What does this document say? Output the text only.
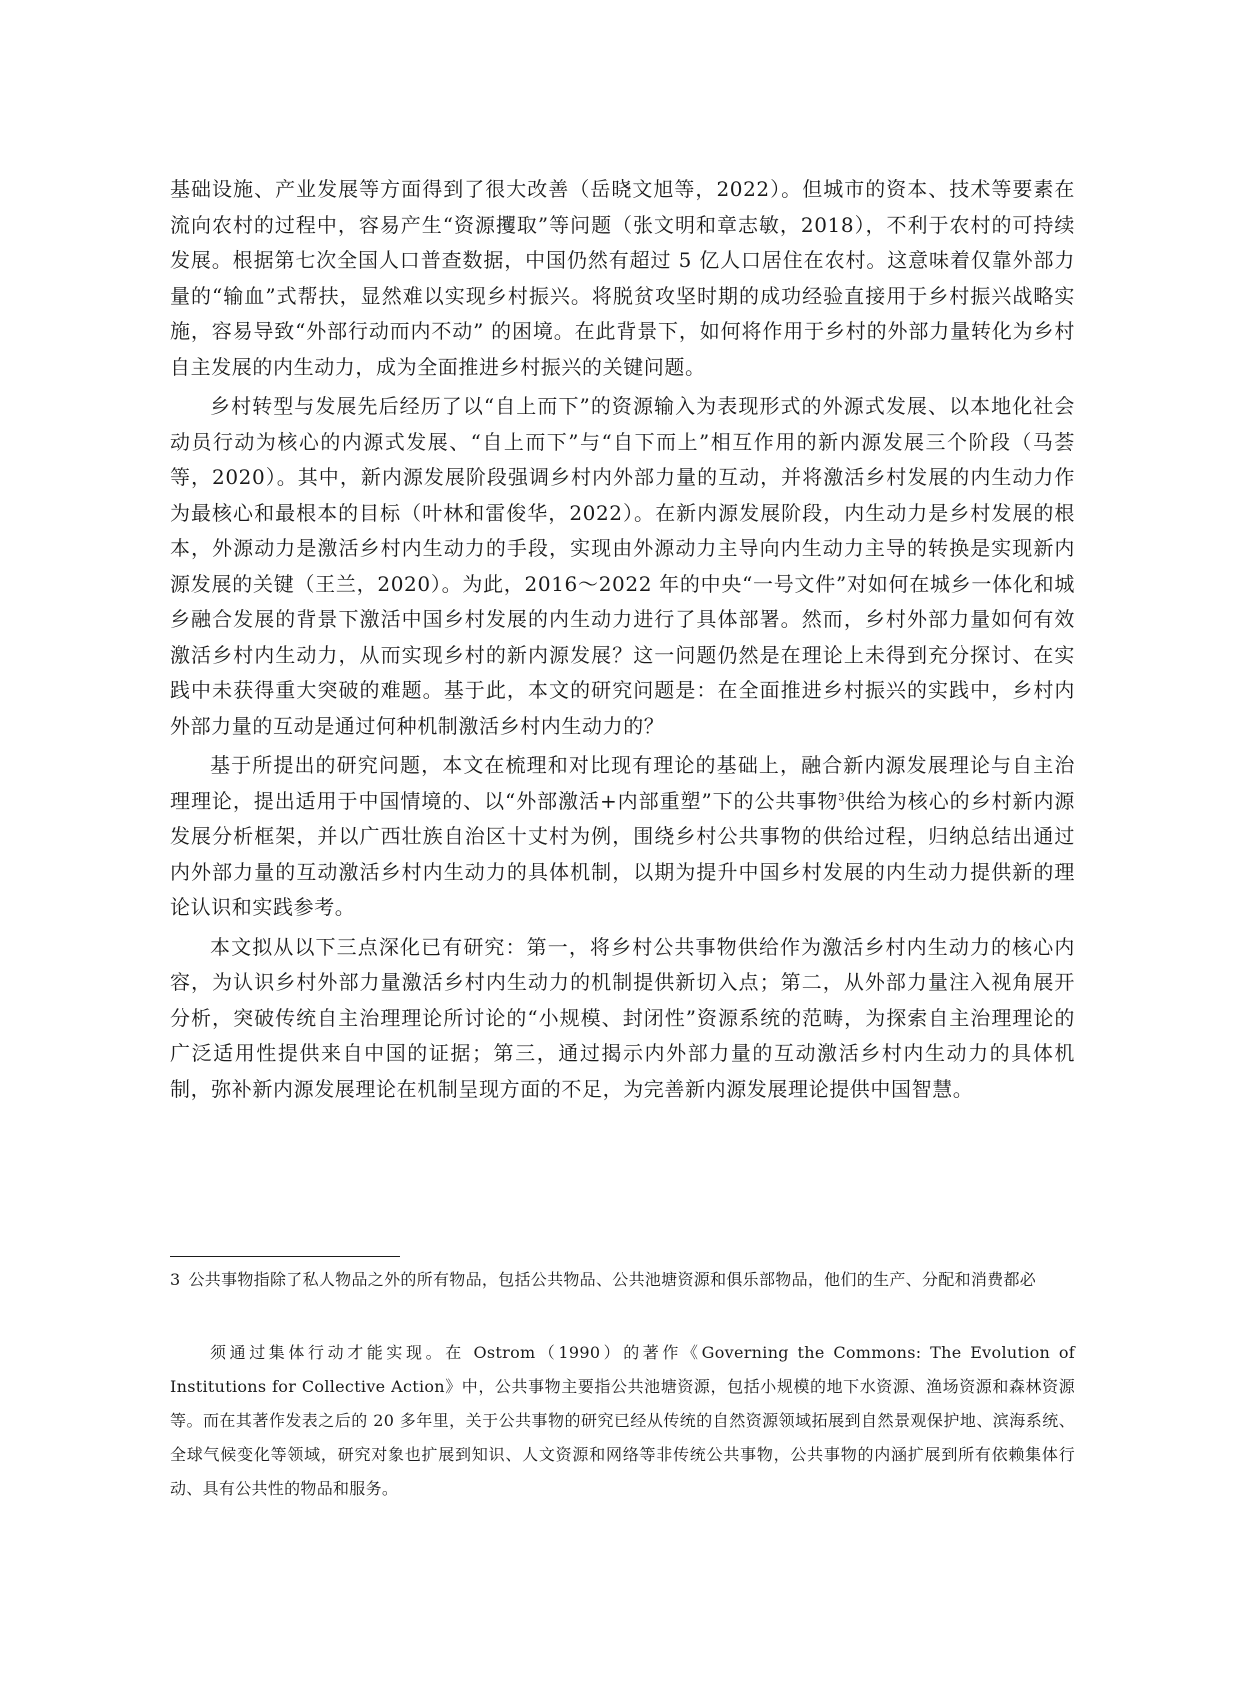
基础设施、产业发展等方面得到了很大改善（岳晓文旭等，2022）。但城市的资本、技术等要素在流向农村的过程中，容易产生“资源攫取”等问题（张文明和章志敏，2018），不利于农村的可持续发展。根据第七次全国人口普查数据，中国仍然有超过 5 亿人口居住在农村。这意味着仅靠外部力量的“输血”式帮扶，显然难以实现乡村振兴。将脱贫攻坚时期的成功经验直接用于乡村振兴战略实施，容易导致“外部行动而内不动” 的困境。在此背景下，如何将作用于乡村的外部力量转化为乡村自主发展的内生动力，成为全面推进乡村振兴的关键问题。

乡村转型与发展先后经历了以“自上而下”的资源输入为表现形式的外源式发展、以本地化社会动员行动为核心的内源式发展、“自上而下”与“自下而上”相互作用的新内源发展三个阶段（马荟等，2020）。其中，新内源发展阶段强调乡村内外部力量的互动，并将激活乡村发展的内生动力作为最核心和最根本的目标（叶林和雷俊华，2022）。在新内源发展阶段，内生动力是乡村发展的根本，外源动力是激活乡村内生动力的手段，实现由外源动力主导向内生动力主导的转换是实现新内源发展的关键（王兰，2020）。为此，2016～2022 年的中央“一号文件”对如何在城乡一体化和城乡融合发展的背景下激活中国乡村发展的内生动力进行了具体部署。然而，乡村外部力量如何有效激活乡村内生动力，从而实现乡村的新内源发展？这一问题仍然是在理论上未得到充分探讨、在实践中未获得重大突破的难题。基于此，本文的研究问题是：在全面推进乡村振兴的实践中，乡村内外部力量的互动是通过何种机制激活乡村内生动力的？

基于所提出的研究问题，本文在梳理和对比现有理论的基础上，融合新内源发展理论与自主治理理论，提出适用于中国情境的、以“外部激活+内部重塑”下的公共事物$^3$供给为核心的乡村新内源发展分析框架，并以广西壮族自治区十丈村为例，围绕乡村公共事物的供给过程，归纳总结出通过内外部力量的互动激活乡村内生动力的具体机制，以期为提升中国乡村发展的内生动力提供新的理论认识和实践参考。

本文拟从以下三点深化已有研究：第一，将乡村公共事物供给作为激活乡村内生动力的核心内容，为认识乡村外部力量激活乡村内生动力的机制提供新切入点；第二，从外部力量注入视角展开分析，突破传统自主治理理论所讨论的“小规模、封闭性”资源系统的范畴，为探索自主治理理论的广泛适用性提供来自中国的证据；第三，通过揭示内外部力量的互动激活乡村内生动力的具体机制，弥补新内源发展理论在机制呈现方面的不足，为完善新内源发展理论提供中国智慧。

3 公共事物指除了私人物品之外的所有物品，包括公共物品、公共池塘资源和俱乐部物品，他们的生产、分配和消费都必

须通过集体行动才能实现。在 Ostrom（1990）的著作《Governing the Commons: The Evolution of Institutions for Collective Action》中，公共事物主要指公共池塘资源，包括小规模的地下水资源、渔场资源和森林资源等。而在其著作发表之后的 20 多年里，关于公共事物的研究已经从传统的自然资源领域拓展到自然景观保护地、滨海系统、全球气候变化等领域，研究对象也扩展到知识、人文资源和网络等非传统公共事物，公共事物的内涵扩展到所有依赖集体行动、具有公共性的物品和服务。
